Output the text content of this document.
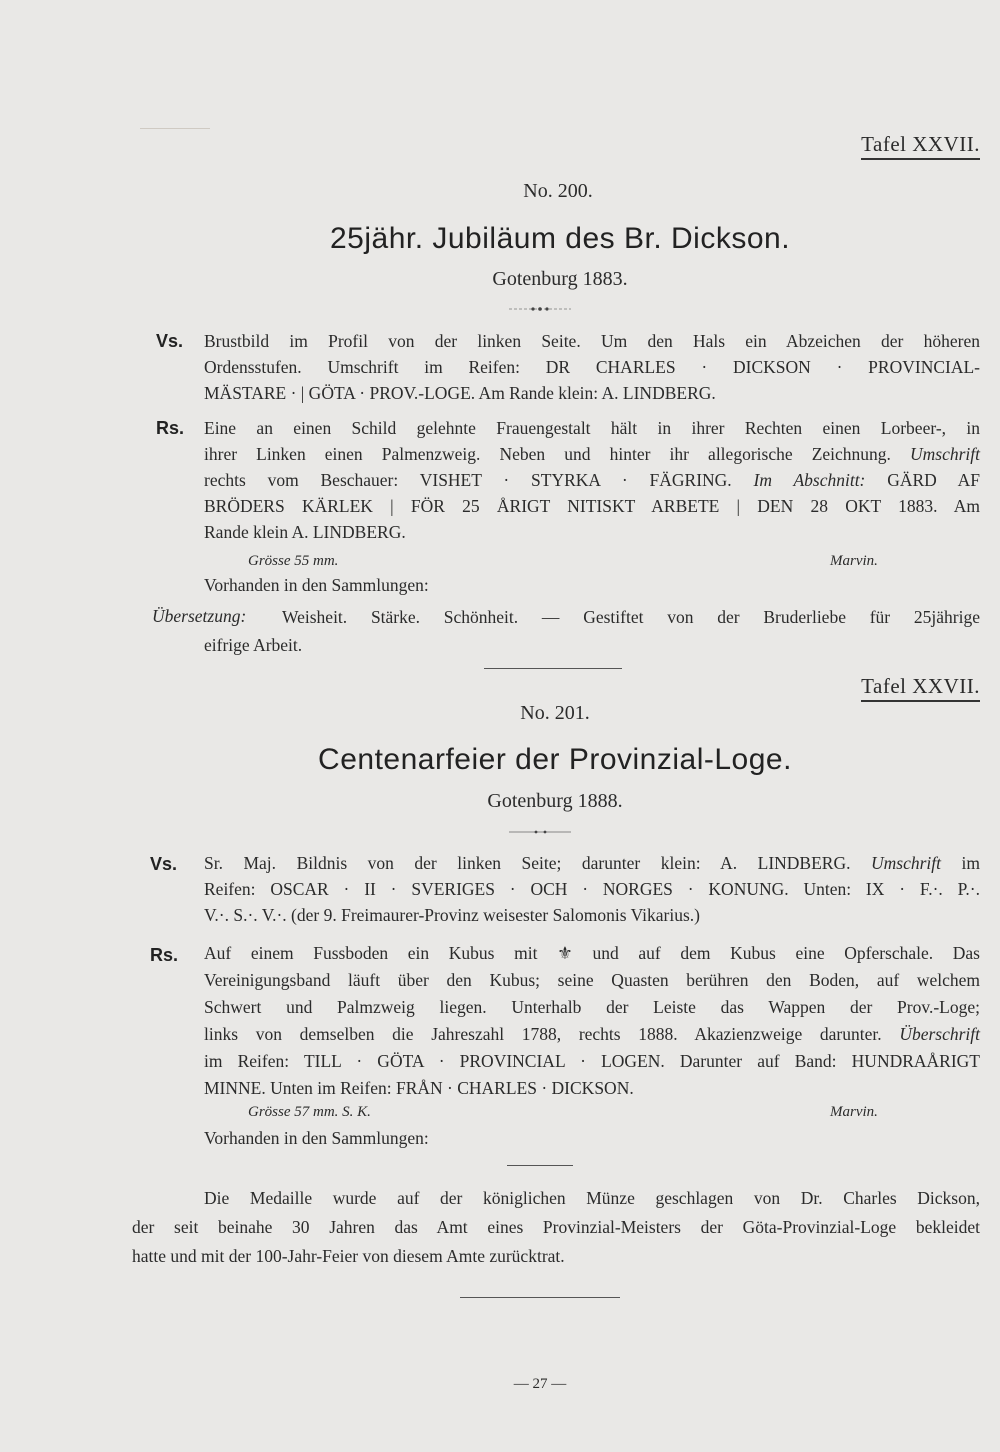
Tafel XXVII.
No. 200.
25jähr. Jubiläum des Br. Dickson.
Gotenburg 1883.
Vs. Brustbild im Profil von der linken Seite. Um den Hals ein Abzeichen der höheren
Ordensstufen. Umschrift im Reifen: DR CHARLES · DICKSON · PROVINCIAL-
MÄSTARE · | GÖTA · PROV.-LOGE. Am Rande klein: A. LINDBERG.
Rs. Eine an einen Schild gelehnte Frauengestalt hält in ihrer Rechten einen Lorbeer-, in
ihrer Linken einen Palmenzweig. Neben und hinter ihr allegorische Zeichnung. Umschrift
rechts vom Beschauer: VISHET · STYRKA · FÄGRING. Im Abschnitt: GÄRD AF
BRÖDERS KÄRLEK | FÖR 25 ÅRIGT NITISKT ARBETE | DEN 28 OKT 1883. Am
Rande klein A. LINDBERG.
Grösse 55 mm.	Marvin.
Vorhanden in den Sammlungen:
Übersetzung: Weisheit. Stärke. Schönheit. — Gestiftet von der Bruderliebe für 25jährige
eifrige Arbeit.
Tafel XXVII.
No. 201.
Centenarfeier der Provinzial-Loge.
Gotenburg 1888.
Vs. Sr. Maj. Bildnis von der linken Seite; darunter klein: A. LINDBERG. Umschrift im
Reifen: OSCAR · II · SVERIGES · OCH · NORGES · KONUNG. Unten: IX · F.·. P.·.
V.·. S.·. V.·. (der 9. Freimaurer-Provinz weisester Salomonis Vikarius.)
Rs. Auf einem Fussboden ein Kubus mit ⚜ und auf dem Kubus eine Opferschale. Das
Vereinigungsband läuft über den Kubus; seine Quasten berühren den Boden, auf welchem
Schwert und Palmzweig liegen. Unterhalb der Leiste das Wappen der Prov.-Loge;
links von demselben die Jahreszahl 1788, rechts 1888. Akazienzweige darunter. Überschrift
im Reifen: TILL · GÖTA · PROVINCIAL · LOGEN. Darunter auf Band: HUNDRAÅRIGT
MINNE. Unten im Reifen: FRÅN · CHARLES · DICKSON.
Grösse 57 mm. S. K.	Marvin.
Vorhanden in den Sammlungen:
Die Medaille wurde auf der königlichen Münze geschlagen von Dr. Charles Dickson,
der seit beinahe 30 Jahren das Amt eines Provinzial-Meisters der Göta-Provinzial-Loge bekleidet
hatte und mit der 100-Jahr-Feier von diesem Amte zurücktrat.
— 27 —
